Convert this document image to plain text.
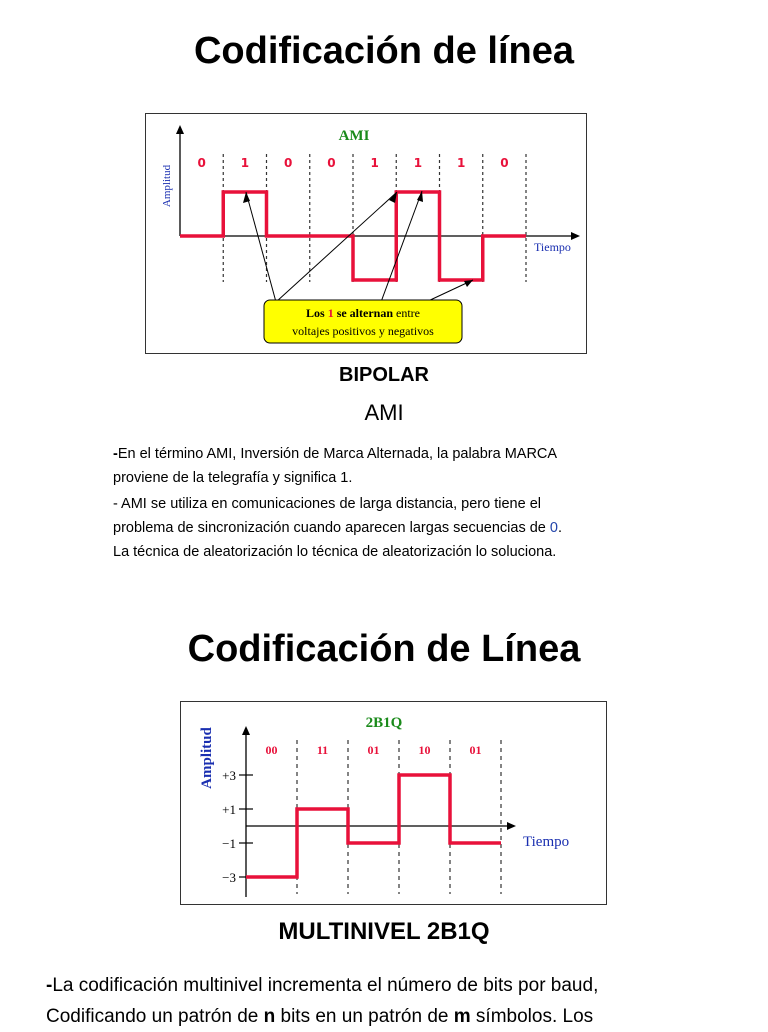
Codificación de línea
Amplitud
Tiempo
AMI
0	1	0	0	1	1	1	0
Los 1 se alternan entre
voltajes positivos y negativos
BIPOLAR
AMI

-En el término AMI, Inversión de Marca Alternada, la palabra MARCA

proviene de la telegrafía y significa 1.

- AMI se utiliza en comunicaciones de larga distancia, pero tiene el

problema de sincronización cuando aparecen largas secuencias de 0.

La técnica de aleatorización lo técnica de aleatorización lo soluciona.

Codificación de Línea
Amplitud
Tiempo
2B1Q
+3
+1
−1
−3
00	11	01	10	01
MULTINIVEL 2B1Q

-La codificación multinivel incrementa el número de bits por baud,

Codificando un patrón de n bits en un patrón de m símbolos. Los
